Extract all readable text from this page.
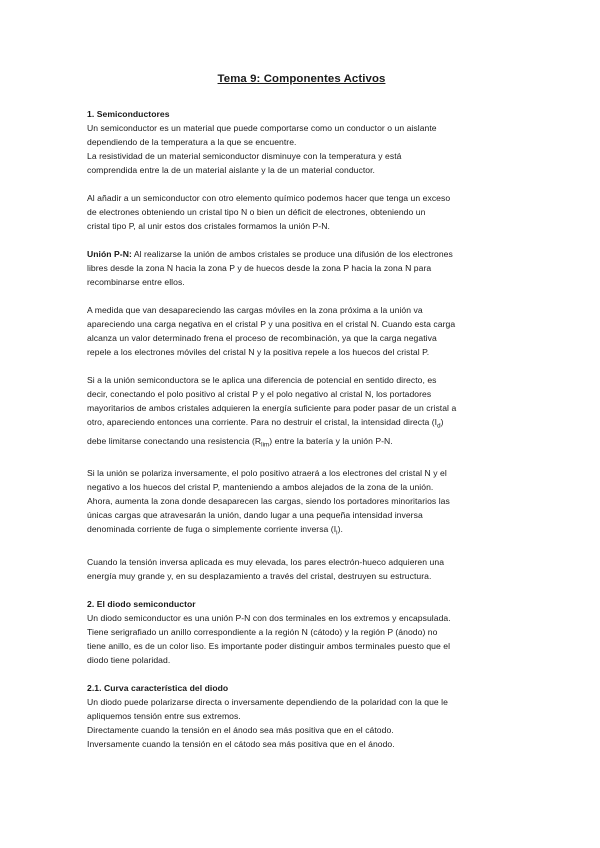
Tema 9: Componentes Activos

1. Semiconductores

Un semiconductor es un material que puede comportarse como un conductor o un aislante

dependiendo de la temperatura a la que se encuentre.

La resistividad de un material semiconductor disminuye con la temperatura y está

comprendida entre la de un material aislante y la de un material conductor.

Al añadir a un semiconductor con otro elemento químico podemos hacer que tenga un exceso

de electrones obteniendo un cristal tipo N o bien un déficit de electrones, obteniendo un

cristal tipo P, al unir estos dos cristales formamos la unión P-N.

Unión P-N: Al realizarse la unión de ambos cristales se produce una difusión de los electrones

libres desde la zona N hacia la zona P y de huecos desde la zona P hacia la zona N para

recombinarse entre ellos.

A medida que van desapareciendo las cargas móviles en la zona próxima a la unión va

apareciendo una carga negativa en el cristal P y una positiva en el cristal N. Cuando esta carga

alcanza un valor determinado frena el proceso de recombinación, ya que la carga negativa

repele a los electrones móviles del cristal N y la positiva repele a los huecos del cristal P.

Si a la unión semiconductora se le aplica una diferencia de potencial en sentido directo, es

decir, conectando el polo positivo al cristal P y el polo negativo al cristal N, los portadores

mayoritarios de ambos cristales adquieren la energía suficiente para poder pasar de un cristal a

otro, apareciendo entonces una corriente. Para no destruir el cristal, la intensidad directa $(I_d)$

debe limitarse conectando una resistencia $(R_{lim})$ entre la batería y la unión P-N.

Si la unión se polariza inversamente, el polo positivo atraerá a los electrones del cristal N y el

negativo a los huecos del cristal P, manteniendo a ambos alejados de la zona de la unión.

Ahora, aumenta la zona donde desaparecen las cargas, siendo los portadores minoritarios las

únicas cargas que atravesarán la unión, dando lugar a una pequeña intensidad inversa

denominada corriente de fuga o simplemente corriente inversa $(I_i)$.

Cuando la tensión inversa aplicada es muy elevada, los pares electrón-hueco adquieren una

energía muy grande y, en su desplazamiento a través del cristal, destruyen su estructura.

2. El diodo semiconductor

Un diodo semiconductor es una unión P-N con dos terminales en los extremos y encapsulada.

Tiene serigrafiado un anillo correspondiente a la región N (cátodo) y la región P (ánodo) no

tiene anillo, es de un color liso. Es importante poder distinguir ambos terminales puesto que el

diodo tiene polaridad.

2.1. Curva característica del diodo

Un diodo puede polarizarse directa o inversamente dependiendo de la polaridad con la que le

apliquemos tensión entre sus extremos.

Directamente cuando la tensión en el ánodo sea más positiva que en el cátodo.

Inversamente cuando la tensión en el cátodo sea más positiva que en el ánodo.
